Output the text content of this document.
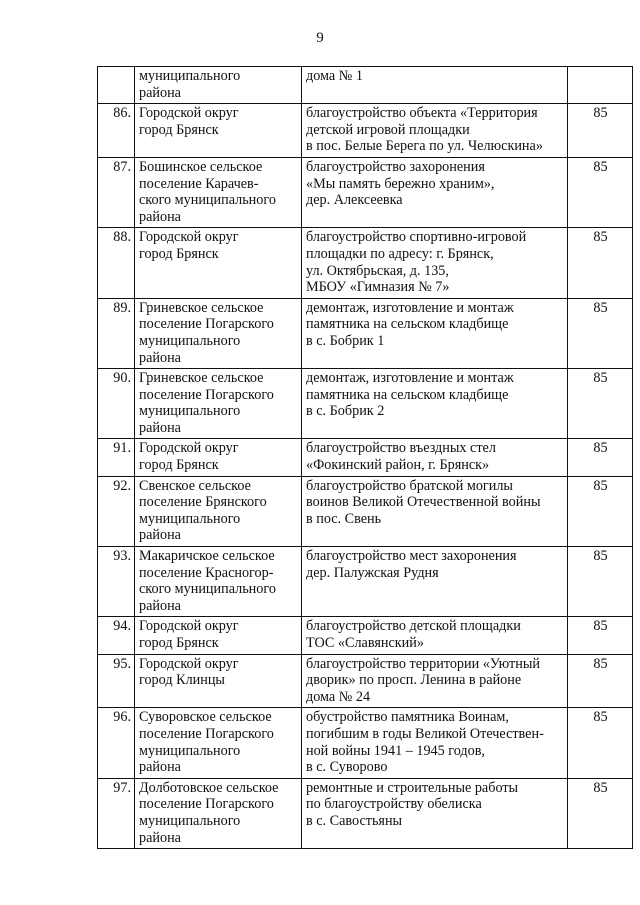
9
	муниципального
района	дома № 1	
86.	Городской округ
город Брянск	благоустройство объекта «Территория
детской игровой площадки
в пос. Белые Берега по ул. Челюскина»	85
87.	Бошинское сельское
поселение Карачев-
ского муниципального
района	благоустройство захоронения
«Мы память бережно храним»,
дер. Алексеевка	85
88.	Городской округ
город Брянск	благоустройство спортивно-игровой
площадки по адресу: г. Брянск,
ул. Октябрьская, д. 135,
МБОУ «Гимназия № 7»	85
89.	Гриневское сельское
поселение Погарского
муниципального
района	демонтаж, изготовление и монтаж
памятника на сельском кладбище
в с. Бобрик 1	85
90.	Гриневское сельское
поселение Погарского
муниципального
района	демонтаж, изготовление и монтаж
памятника на сельском кладбище
в с. Бобрик 2	85
91.	Городской округ
город Брянск	благоустройство въездных стел
«Фокинский район, г. Брянск»	85
92.	Свенское сельское
поселение Брянского
муниципального
района	благоустройство братской могилы
воинов Великой Отечественной войны
в пос. Свень	85
93.	Макаричское сельское
поселение Красногор-
ского муниципального
района	благоустройство мест захоронения
дер. Палужская Рудня	85
94.	Городской округ
город Брянск	благоустройство детской площадки
ТОС «Славянский»	85
95.	Городской округ
город Клинцы	благоустройство территории «Уютный
дворик» по просп. Ленина в районе
дома № 24	85
96.	Суворовское сельское
поселение Погарского
муниципального
района	обустройство памятника Воинам,
погибшим в годы Великой Отечествен-
ной войны 1941 – 1945 годов,
в с. Суворово	85
97.	Долботовское сельское
поселение Погарского
муниципального
района	ремонтные и строительные работы
по благоустройству обелиска
в с. Савостьяны	85
